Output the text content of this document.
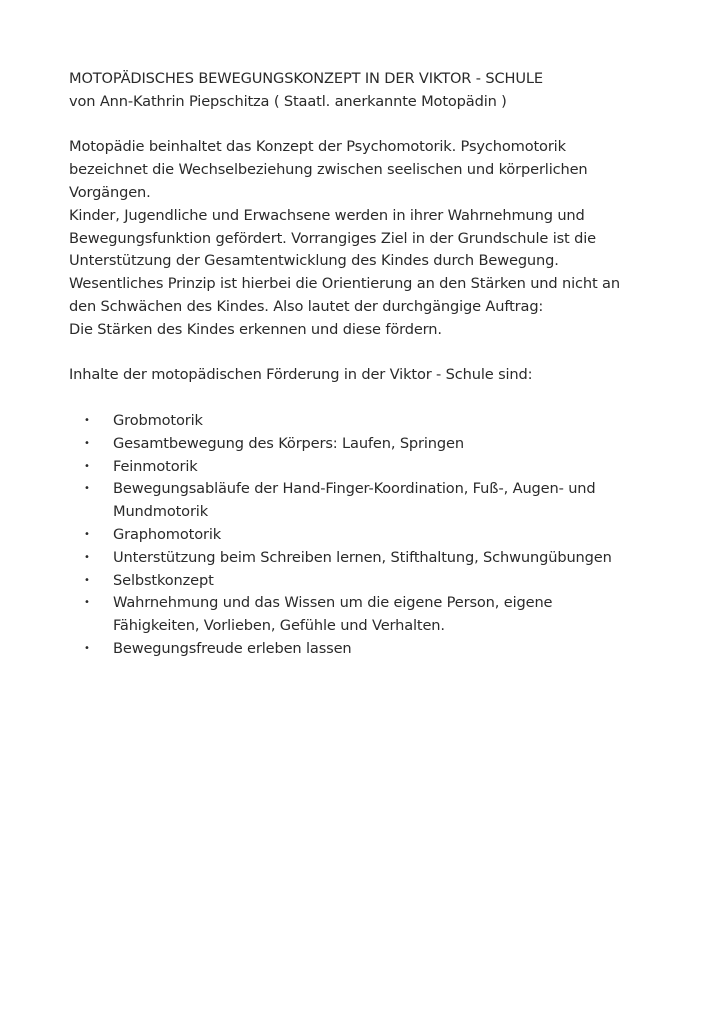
MOTOPÄDISCHES BEWEGUNGSKONZEPT IN DER VIKTOR - SCHULE

von Ann-Kathrin Piepschitza ( Staatl. anerkannte Motopädin )

Motopädie beinhaltet das Konzept der Psychomotorik. Psychomotorik

bezeichnet die Wechselbeziehung zwischen seelischen und körperlichen

Vorgängen.

Kinder, Jugendliche und Erwachsene werden in ihrer Wahrnehmung und

Bewegungsfunktion gefördert. Vorrangiges Ziel in der Grundschule ist die

Unterstützung der Gesamtentwicklung des Kindes durch Bewegung.

Wesentliches Prinzip ist hierbei die Orientierung an den Stärken und nicht an

den Schwächen des Kindes. Also lautet der durchgängige Auftrag:

Die Stärken des Kindes erkennen und diese fördern.

Inhalte der motopädischen Förderung in der Viktor - Schule sind:

• Grobmotorik
• Gesamtbewegung des Körpers: Laufen, Springen
• Feinmotorik
• Bewegungsabläufe der Hand-Finger-Koordination, Fuß-, Augen- und
Mundmotorik
• Graphomotorik
• Unterstützung beim Schreiben lernen, Stifthaltung, Schwungübungen
• Selbstkonzept
• Wahrnehmung und das Wissen um die eigene Person, eigene
Fähigkeiten, Vorlieben, Gefühle und Verhalten.
• Bewegungsfreude erleben lassen
